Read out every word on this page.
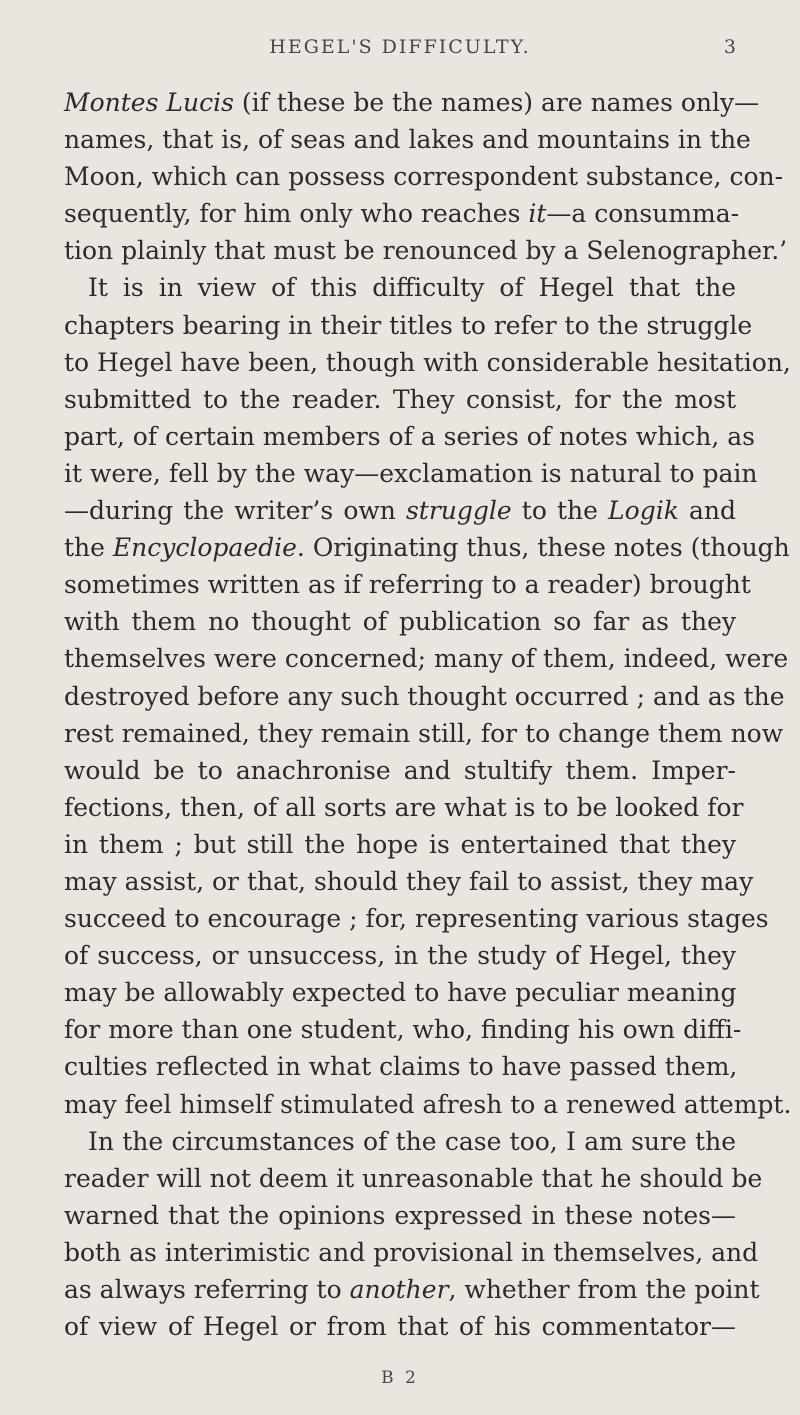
HEGEL'S DIFFICULTY.	3
Montes Lucis (if these be the names) are names only—
names, that is, of seas and lakes and mountains in the
Moon, which can possess correspondent substance, con-
sequently, for him only who reaches it—a consumma-
tion plainly that must be renounced by a Selenographer.’
It is in view of this difficulty of Hegel that the
chapters bearing in their titles to refer to the struggle
to Hegel have been, though with considerable hesitation,
submitted to the reader. They consist, for the most
part, of certain members of a series of notes which, as
it were, fell by the way—exclamation is natural to pain
—during the writer’s own struggle to the Logik and
the Encyclopaedie. Originating thus, these notes (though
sometimes written as if referring to a reader) brought
with them no thought of publication so far as they
themselves were concerned; many of them, indeed, were
destroyed before any such thought occurred ; and as the
rest remained, they remain still, for to change them now
would be to anachronise and stultify them. Imper-
fections, then, of all sorts are what is to be looked for
in them ; but still the hope is entertained that they
may assist, or that, should they fail to assist, they may
succeed to encourage ; for, representing various stages
of success, or unsuccess, in the study of Hegel, they
may be allowably expected to have peculiar meaning
for more than one student, who, finding his own diffi-
culties reflected in what claims to have passed them,
may feel himself stimulated afresh to a renewed attempt.
In the circumstances of the case too, I am sure the
reader will not deem it unreasonable that he should be
warned that the opinions expressed in these notes—
both as interimistic and provisional in themselves, and
as always referring to another, whether from the point
of view of Hegel or from that of his commentator—
B 2
